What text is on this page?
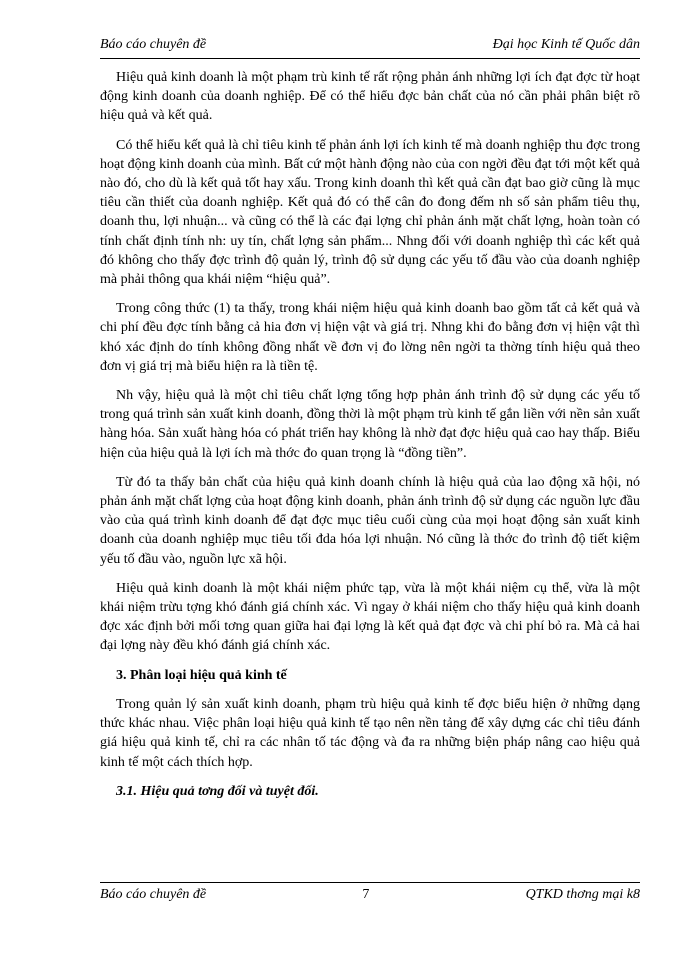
Báo cáo chuyên đề	Đại học Kinh tế Quốc dân

Hiệu quả kinh doanh là một phạm trù kinh tế rất rộng phản ánh những lợi ích đạt đợc từ hoạt động kinh doanh của doanh nghiệp. Để có thể hiểu đợc bản chất của nó cần phải phân biệt rõ hiệu quả và kết quả.

Có thể hiểu kết quả là chỉ tiêu kinh tế phản ánh lợi ích kinh tế mà doanh nghiệp thu đợc trong hoạt động kinh doanh của mình. Bất cứ một hành động nào của con ngời đều đạt tới một kết quả nào đó, cho dù là kết quả tốt hay xấu. Trong kinh doanh thì kết quả cần đạt bao giờ cũng là mục tiêu cần thiết của doanh nghiệp. Kết quả đó có thể cân đo đong đếm nh số sản phẩm tiêu thụ, doanh thu, lợi nhuận... và cũng có thể là các đại lợng chỉ phản ánh mặt chất lợng, hoàn toàn có tính chất định tính nh: uy tín, chất lợng sản phẩm... Nhng đối với doanh nghiệp thì các kết quả đó không cho thấy đợc trình độ quản lý, trình độ sử dụng các yếu tố đầu vào của doanh nghiệp mà phải thông qua khái niệm “hiệu quả”.

Trong công thức (1) ta thấy, trong khái niệm hiệu quả kinh doanh bao gồm tất cả kết quả và chi phí đều đợc tính bằng cả hia đơn vị hiện vật và giá trị. Nhng khi đo bằng đơn vị hiện vật thì khó xác định do tính không đồng nhất về đơn vị đo lờng nên ngời ta thờng tính hiệu quả theo đơn vị giá trị mà biểu hiện ra là tiền tệ.

Nh vậy, hiệu quả là một chỉ tiêu chất lợng tổng hợp phản ánh trình độ sử dụng các yếu tố trong quá trình sản xuất kinh doanh, đồng thời là một phạm trù kinh tế gắn liền với nền sản xuất hàng hóa. Sản xuất hàng hóa có phát triển hay không là nhờ đạt đợc hiệu quả cao hay thấp. Biểu hiện của hiệu quả là lợi ích mà thớc đo quan trọng là “đồng tiền”.

Từ đó ta thấy bản chất của hiệu quả kinh doanh chính là hiệu quả của lao động xã hội, nó phản ánh mặt chất lợng của hoạt động kinh doanh, phản ánh trình độ sử dụng các nguồn lực đầu vào của quá trình kinh doanh để đạt đợc mục tiêu cuối cùng của mọi hoạt động sản xuất kinh doanh của doanh nghiệp mục tiêu tối đda hóa lợi nhuận. Nó cũng là thớc đo trình độ tiết kiệm yếu tố đầu vào, nguồn lực xã hội.

Hiệu quả kinh doanh là một khái niệm phức tạp, vừa là một khái niệm cụ thể, vừa là một khái niệm trừu tợng khó đánh giá chính xác. Vì ngay ở khái niệm cho thấy hiệu quả kinh doanh đợc xác định bởi mối tơng quan giữa hai đại lợng là kết quả đạt đợc và chi phí bỏ ra. Mà cả hai đại lợng này đều khó đánh giá chính xác.

3. Phân loại hiệu quả kinh tế

Trong quản lý sản xuất kinh doanh, phạm trù hiệu quả kinh tế đợc biểu hiện ở những dạng thức khác nhau. Việc phân loại hiệu quả kinh tế tạo nên nền tảng để xây dựng các chỉ tiêu đánh giá hiệu quả kinh tế, chỉ ra các nhân tố tác động và đa ra những biện pháp nâng cao hiệu quả kinh tế một cách thích hợp.

3.1. Hiệu quả tơng đối và tuyệt đối.
Báo cáo chuyên đề	7	QTKD thơng mại k8
